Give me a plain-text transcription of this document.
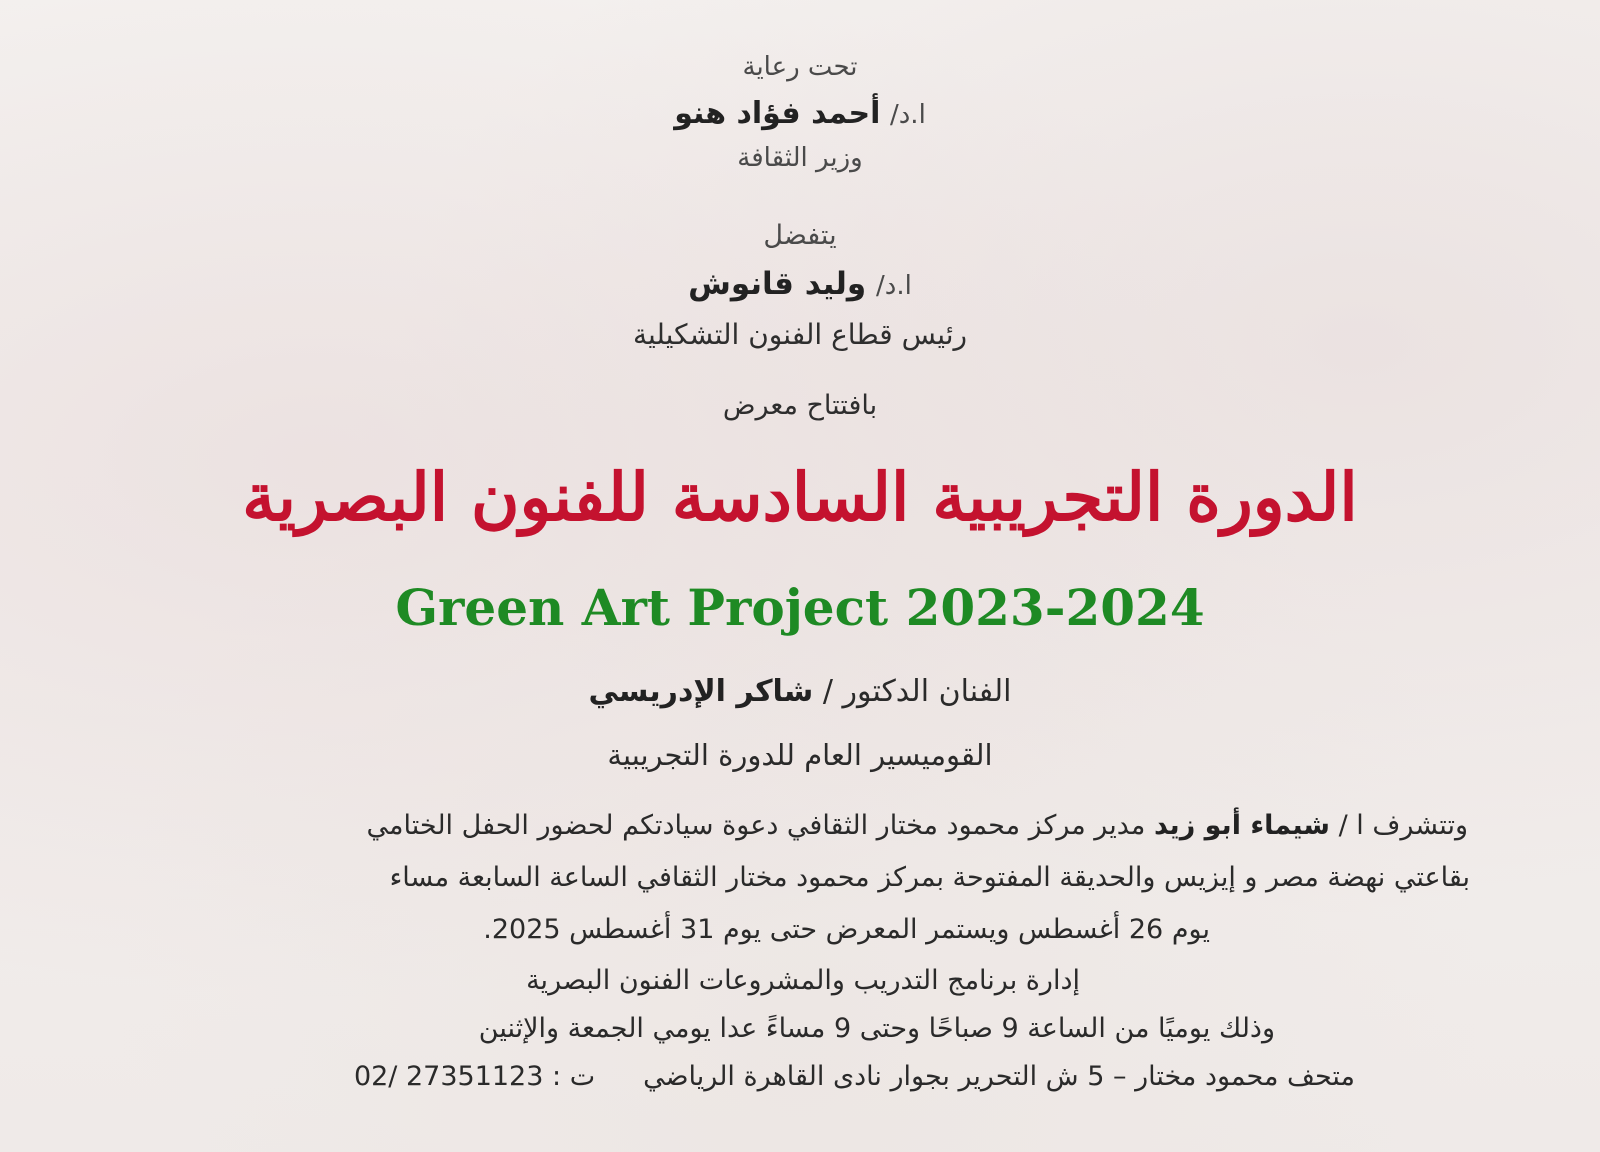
تحت رعاية
ا.د/ أحمد فؤاد هنو
وزير الثقافة
يتفضل
ا.د/ وليد قانوش
رئيس قطاع الفنون التشكيلية
بافتتاح معرض
الدورة التجريبية السادسة للفنون البصرية
Green Art Project 2023-2024
الفنان الدكتور / شاكر الإدريسي
القوميسير العام للدورة التجريبية
وتتشرف ا / شيماء أبو زيد مدير مركز محمود مختار الثقافي دعوة سيادتكم لحضور الحفل الختامي
بقاعتي نهضة مصر و إيزيس والحديقة المفتوحة بمركز محمود مختار الثقافي الساعة السابعة مساء
يوم 26 أغسطس ويستمر المعرض حتى يوم 31 أغسطس 2025.
إدارة برنامج التدريب والمشروعات الفنون البصرية
وذلك يوميًا من الساعة 9 صباحًا وحتى 9 مساءً عدا يومي الجمعة والإثنين
متحف محمود مختار – 5 ش التحرير بجوار نادى القاهرة الرياضيت : 27351123 /02
